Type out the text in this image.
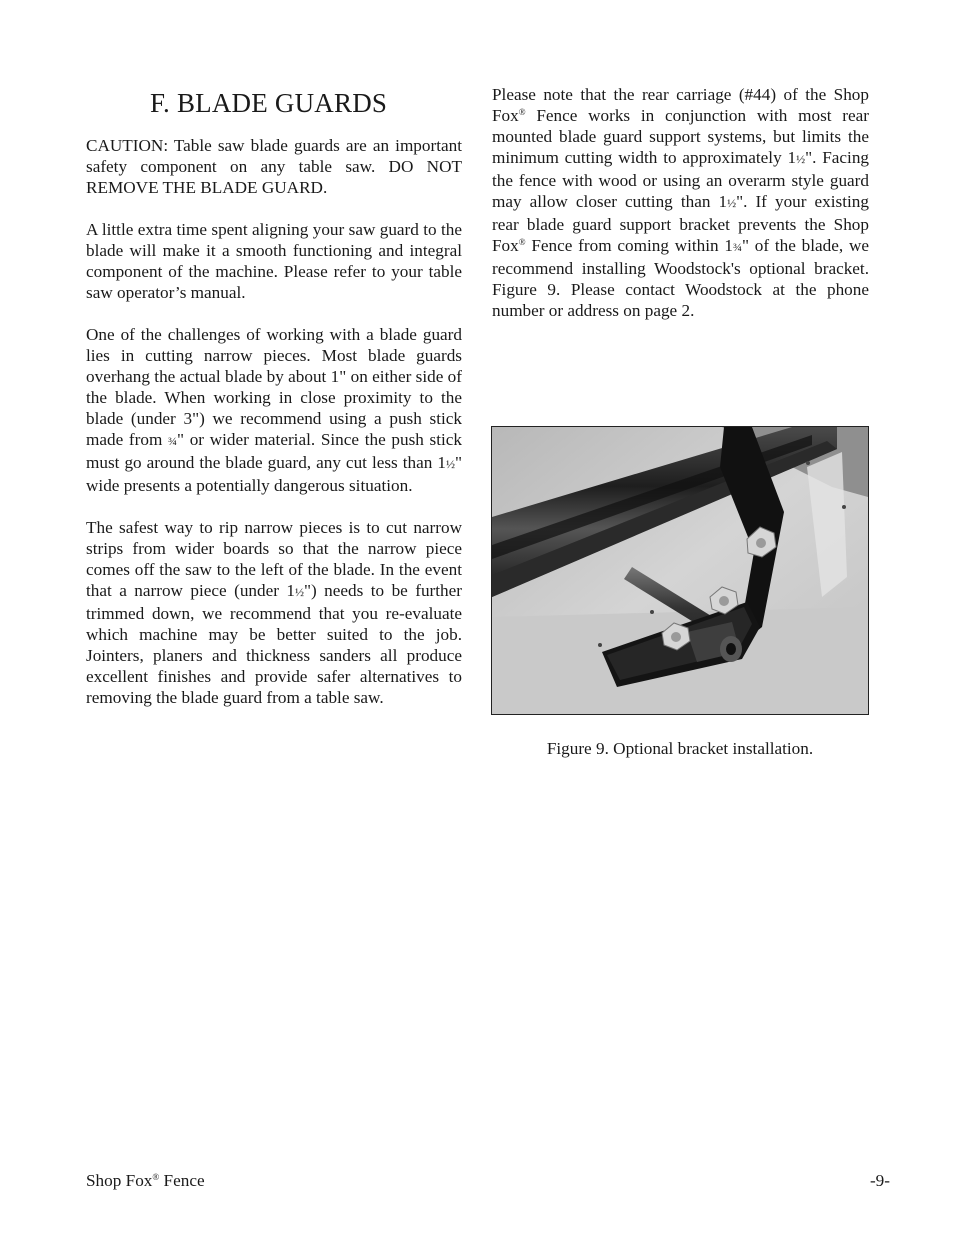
F. BLADE GUARDS

CAUTION: Table saw blade guards are an important safety component on any table saw. DO NOT REMOVE THE BLADE GUARD.

A little extra time spent aligning your saw guard to the blade will make it a smooth functioning and integral component of the machine. Please refer to your table saw operator’s manual.

One of the challenges of working with a blade guard lies in cutting narrow pieces. Most blade guards overhang the actual blade by about 1" on either side of the blade. When working in close proximity to the blade (under 3") we recommend using a push stick made from ¾" or wider material. Since the push stick must go around the blade guard, any cut less than 1½" wide presents a potentially dangerous situation.

The safest way to rip narrow pieces is to cut narrow strips from wider boards so that the narrow piece comes off the saw to the left of the blade. In the event that a narrow piece (under 1½") needs to be further trimmed down, we recommend that you re-evaluate which machine may be better suited to the job. Jointers, planers and thickness sanders all produce excellent finishes and provide safer alternatives to removing the blade guard from a table saw.

Please note that the rear carriage (#44) of the Shop Fox® Fence works in conjunction with most rear mounted blade guard support systems, but limits the minimum cutting width to approximately 1½". Facing the fence with wood or using an overarm style guard may allow closer cutting than 1½". If your existing rear blade guard support bracket prevents the Shop Fox® Fence from coming within 1¾" of the blade, we recommend installing Woodstock's optional bracket. Figure 9. Please contact Woodstock at the phone number or address on page 2.

Figure 9. Optional bracket installation.
Shop Fox® Fence	-9-
